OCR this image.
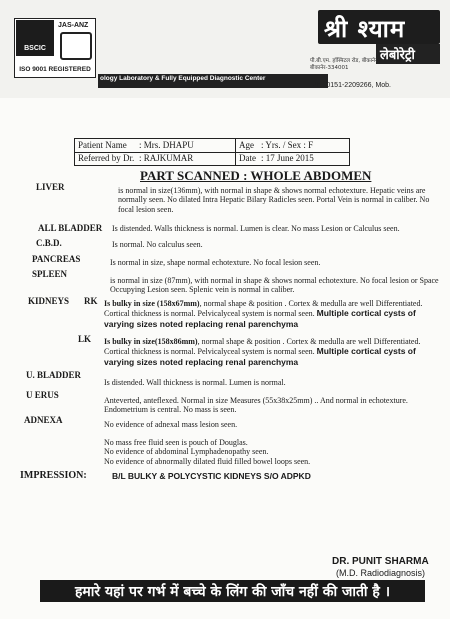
BSCIC
JAS-ANZ
ISO 9001 REGISTERED
ology Laboratory & Fully Equipped Diagnostic Center
श्री श्याम
लेबोरेट्री
पी.बी.एम. हॉस्पिटल रोड, बीकानेर
बीकानेर-334001
Ph.: 0151-2209266, Mob.
Patient Name : Mrs. DHAPU	Age : Yrs. / Sex : F
Referred by Dr. : RAJKUMAR	Date : 17 June 2015
PART SCANNED : WHOLE ABDOMEN
LIVER	is normal in size(136mm), with normal in shape & shows normal echotexture. Hepatic veins are normally seen. No dilated Intra Hepatic Bilary Radicles seen. Portal Vein is normal in caliber. No focal lesion seen.
ALL BLADDER Is distended. Walls thickness is normal. Lumen is clear. No mass Lesion or Calculus seen.
C.B.D.	Is normal. No calculus seen.
PANCREAS	Is normal in size, shape normal echotexture. No focal lesion seen.
SPLEEN
is normal in size (87mm), with normal in shape & shows normal echotexture. No focal lesion or Space Occupying Lesion seen. Splenic vein is normal in caliber.
KIDNEYS RK Is bulky in size (158x67mm), normal shape & position . Cortex & medulla are well Differentiated. Cortical thickness is normal. Pelvicalyceal system is normal seen. Multiple cortical cysts of varying sizes noted replacing renal parenchyma
LK Is bulky in size(158x86mm), normal shape & position . Cortex & medulla are well Differentiated. Cortical thickness is normal. Pelvicalyceal system is normal seen. Multiple cortical cysts of varying sizes noted replacing renal parenchyma
U. BLADDER
Is distended. Wall thickness is normal. Lumen is normal.
U ERUS
Anteverted, anteflexed. Normal in size Measures (55x38x25mm) .. And normal in echotexture. Endometrium is central. No mass is seen.
ADNEXA	No evidence of adnexal mass lesion seen.
No mass free fluid seen is pouch of Douglas.
No evidence of abdominal Lymphadenopathy seen.
No evidence of abnormally dilated fluid filled bowel loops seen.
IMPRESSION:	B/L BULKY & POLYCYSTIC KIDNEYS S/O ADPKD
DR. PUNIT SHARMA
(M.D. Radiodiagnosis)
हमारे यहां पर गर्भ में बच्चे के लिंग की जाँच नहीं की जाती है ।
